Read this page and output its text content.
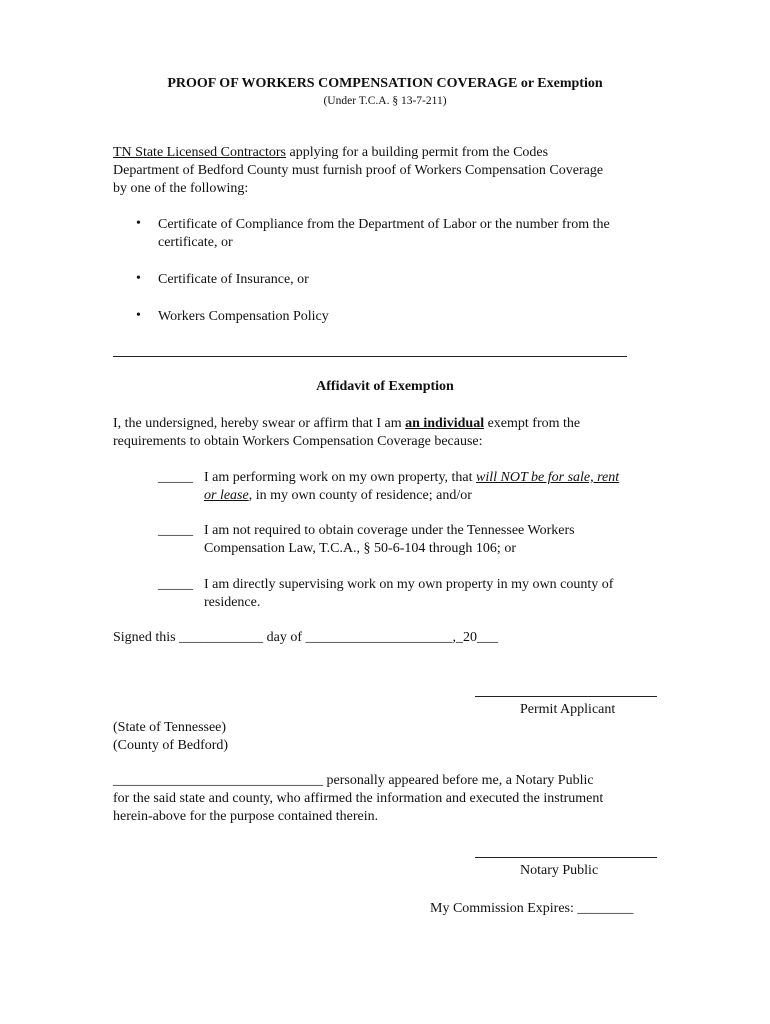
PROOF OF WORKERS COMPENSATION COVERAGE or Exemption
(Under T.C.A. § 13-7-211)
TN State Licensed Contractors applying for a building permit from the Codes
Department of Bedford County must furnish proof of Workers Compensation Coverage
by one of the following:
• Certificate of Compliance from the Department of Labor or the number from the
certificate, or
• Certificate of Insurance, or
• Workers Compensation Policy
Affidavit of Exemption
I, the undersigned, hereby swear or affirm that I am an individual exempt from the
requirements to obtain Workers Compensation Coverage because:
_____ I am performing work on my own property, that will NOT be for sale, rent
or lease, in my own county of residence; and/or
_____ I am not required to obtain coverage under the Tennessee Workers
Compensation Law, T.C.A., § 50-6-104 through 106; or
_____ I am directly supervising work on my own property in my own county of
residence.
Signed this ____________ day of _____________________,_20___
Permit Applicant
(State of Tennessee)
(County of Bedford)
______________________________ personally appeared before me, a Notary Public
for the said state and county, who affirmed the information and executed the instrument
herein-above for the purpose contained therein.
Notary Public
My Commission Expires: ________
